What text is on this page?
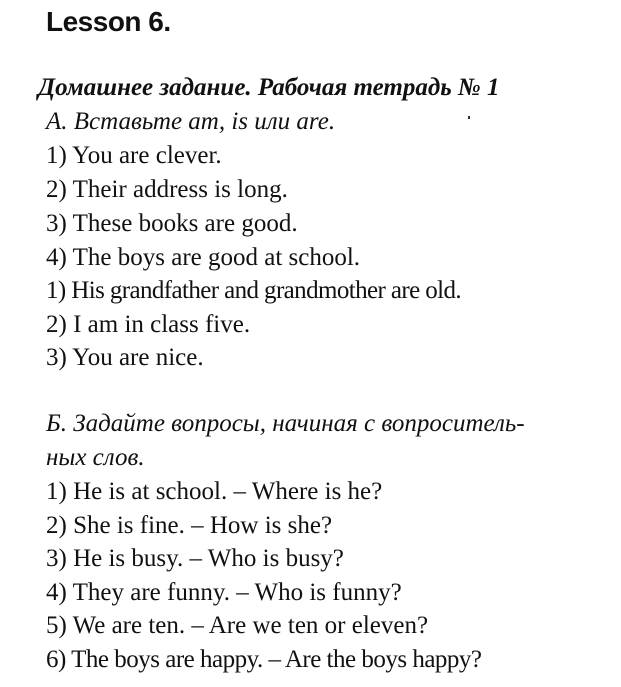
Lesson 6.
Домашнее задание. Рабочая тетрадь № 1
А. Вставьте am, is или are.
1) You are clever.
2) Their address is long.
3) These books are good.
4) The boys are good at school.
1) His grandfather and grandmother are old.
2) I am in class five.
3) You are nice.
Б. Задайте вопросы, начиная с вопроситель-
ных слов.
1) He is at school. – Where is he?
2) She is fine. – How is she?
3) He is busy. – Who is busy?
4) They are funny. – Who is funny?
5) We are ten. – Are we ten or eleven?
6) The boys are happy. – Are the boys happy?
